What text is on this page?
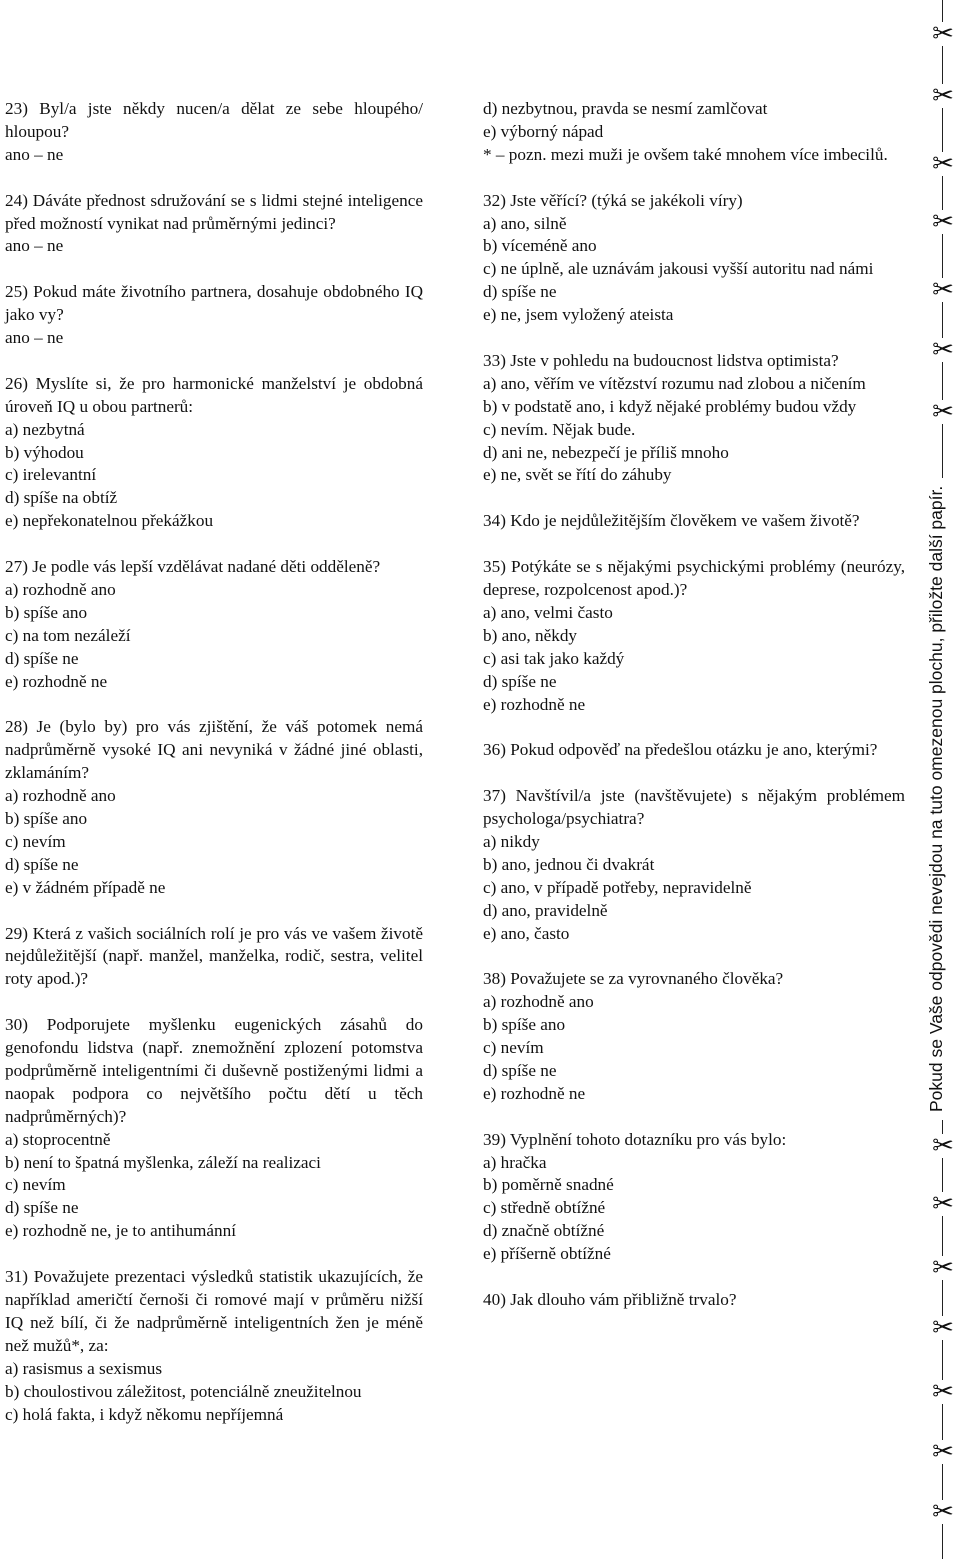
23) Byl/a jste někdy nucen/a dělat ze sebe hloupého/ hloupou?
ano – ne
24) Dáváte přednost sdružování se s lidmi stejné inteligence před možností vynikat nad průměrnými jedinci?
ano – ne
25) Pokud máte životního partnera, dosahuje obdobného IQ jako vy?
ano – ne
26) Myslíte si, že pro harmonické manželství je obdobná úroveň IQ u obou partnerů:
a) nezbytná
b) výhodou
c) irelevantní
d) spíše na obtíž
e) nepřekonatelnou překážkou
27) Je podle vás lepší vzdělávat nadané děti odděleně?
a) rozhodně ano
b) spíše ano
c) na tom nezáleží
d) spíše ne
e) rozhodně ne
28) Je (bylo by) pro vás zjištění, že váš potomek nemá nadprůměrně vysoké IQ ani nevyniká v žádné jiné oblasti, zklamáním?
a) rozhodně ano
b) spíše ano
c) nevím
d) spíše ne
e) v žádném případě ne
29) Která z vašich sociálních rolí je pro vás ve vašem životě nejdůležitější (např. manžel, manželka, rodič, sestra, velitel roty apod.)?
30) Podporujete myšlenku eugenických zásahů do genofondu lidstva (např. znemožnění zplození potomstva podprůměrně inteligentními či duševně postiženými lidmi a naopak podpora co největšího počtu dětí u těch nadprůměrných)?
a) stoprocentně
b) není to špatná myšlenka, záleží na realizaci
c) nevím
d) spíše ne
e) rozhodně ne, je to antihumánní
31) Považujete prezentaci výsledků statistik ukazujících, že například američtí černoši či romové mají v průměru nižší IQ než bílí, či že nadprůměrně inteligentních žen je méně než mužů*, za:
a) rasismus a sexismus
b) choulostivou záležitost, potenciálně zneužitelnou
c) holá fakta, i když někomu nepříjemná
d) nezbytnou, pravda se nesmí zamlčovat
e) výborný nápad
* – pozn. mezi muži je ovšem také mnohem více imbecilů.
32) Jste věřící? (týká se jakékoli víry)
a) ano, silně
b) víceméně ano
c) ne úplně, ale uznávám jakousi vyšší autoritu nad námi
d) spíše ne
e) ne, jsem vyložený ateista
33) Jste v pohledu na budoucnost lidstva optimista?
a) ano, věřím ve vítězství rozumu nad zlobou a ničením
b) v podstatě ano, i když nějaké problémy budou vždy
c) nevím. Nějak bude.
d) ani ne, nebezpečí je příliš mnoho
e) ne, svět se řítí do záhuby
34) Kdo je nejdůležitějším člověkem ve vašem životě?
35) Potýkáte se s nějakými psychickými problémy (neurózy, deprese, rozpolcenost apod.)?
a) ano, velmi často
b) ano, někdy
c) asi tak jako každý
d) spíše ne
e) rozhodně ne
36) Pokud odpověď na předešlou otázku je ano, kterými?
37) Navštívil/a jste (navštěvujete) s nějakým problémem psychologa/psychiatra?
a) nikdy
b) ano, jednou či dvakrát
c) ano, v případě potřeby, nepravidelně
d) ano, pravidelně
e) ano, často
38) Považujete se za vyrovnaného člověka?
a) rozhodně ano
b) spíše ano
c) nevím
d) spíše ne
e) rozhodně ne
39) Vyplnění tohoto dotazníku pro vás bylo:
a) hračka
b) poměrně snadné
c) středně obtížné
d) značně obtížné
e) příšerně obtížné
40) Jak dlouho vám přibližně trvalo?
Pokud se Vaše odpovědi nevejdou na tuto omezenou plochu, přiložte další papír.
✂
✂
✂
✂
✂
✂
✂
✂
✂
✂
✂
✂
✂
✂
